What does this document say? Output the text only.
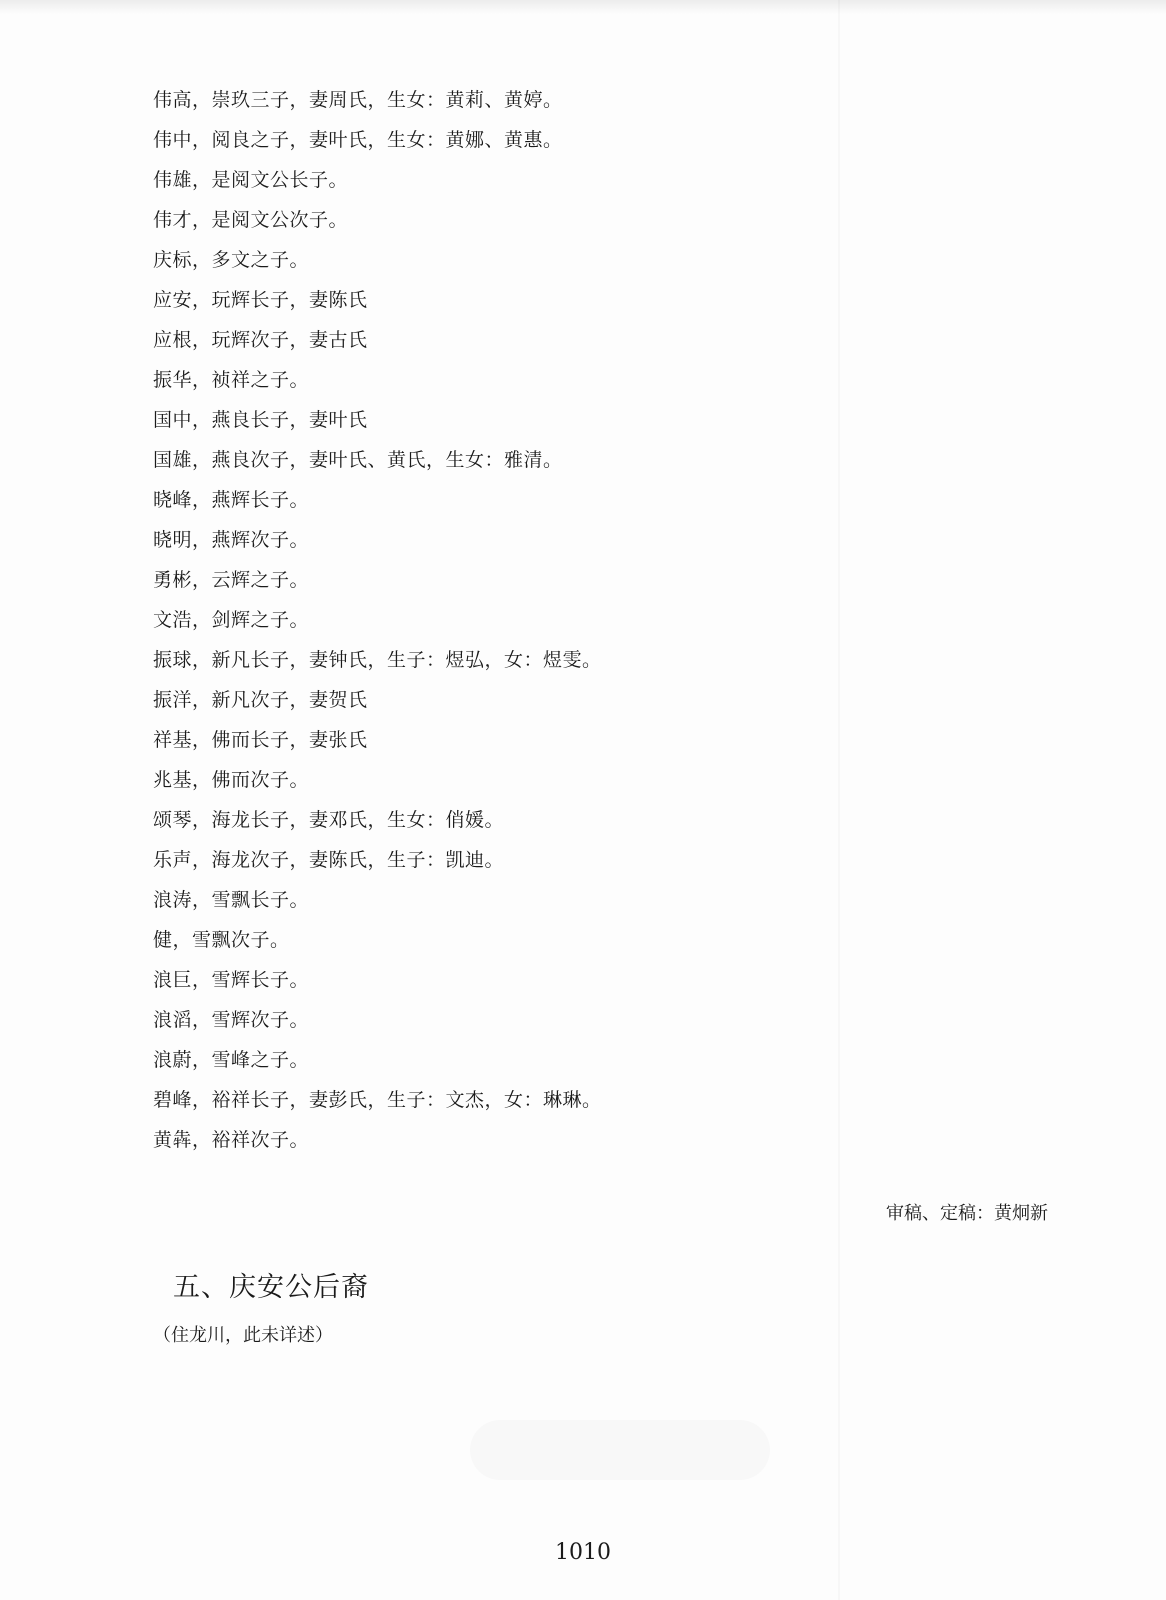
伟高，崇玖三子，妻周氏，生女：黄莉、黄婷。
伟中，阅良之子，妻叶氏，生女：黄娜、黄惠。
伟雄，是阅文公长子。
伟才，是阅文公次子。
庆标，多文之子。
应安，玩辉长子，妻陈氏
应根，玩辉次子，妻古氏
振华，祯祥之子。
国中，燕良长子，妻叶氏
国雄，燕良次子，妻叶氏、黄氏，生女：雅清。
晓峰，燕辉长子。
晓明，燕辉次子。
勇彬，云辉之子。
文浩，剑辉之子。
振球，新凡长子，妻钟氏，生子：煜弘，女：煜雯。
振洋，新凡次子，妻贺氏
祥基，佛而长子，妻张氏
兆基，佛而次子。
颂琴，海龙长子，妻邓氏，生女：俏媛。
乐声，海龙次子，妻陈氏，生子：凯迪。
浪涛，雪飘长子。
健，雪飘次子。
浪巨，雪辉长子。
浪滔，雪辉次子。
浪蔚，雪峰之子。
碧峰，裕祥长子，妻彭氏，生子：文杰，女：琳琳。
黄犇，裕祥次子。
审稿、定稿：黄炯新
五、庆安公后裔
（住龙川，此未详述）
1010
